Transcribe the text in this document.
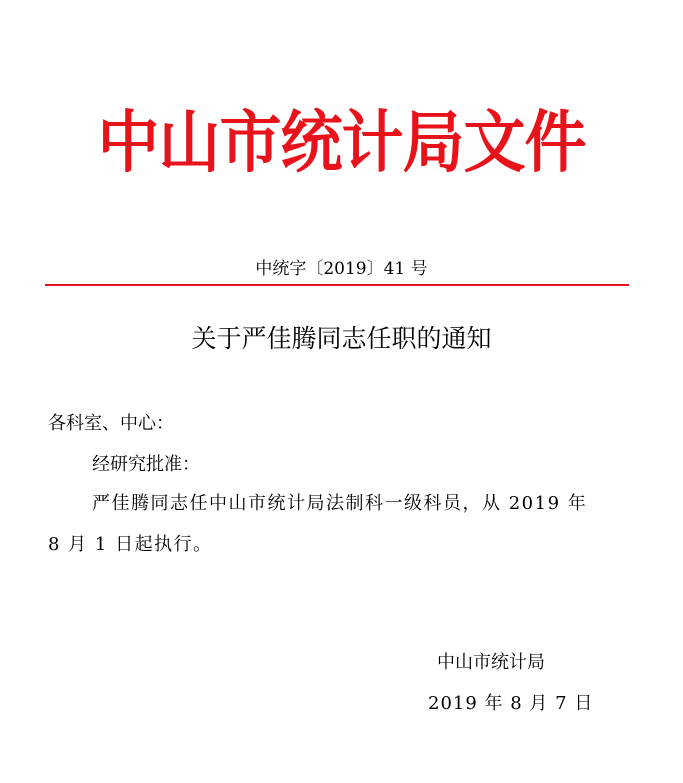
中山市统计局文件
中统字〔2019〕41 号
关于严佳腾同志任职的通知
各科室、中心：
经研究批准：
严佳腾同志任中山市统计局法制科一级科员，从 2019 年
8 月 1 日起执行。
中山市统计局
2019 年 8 月 7 日
